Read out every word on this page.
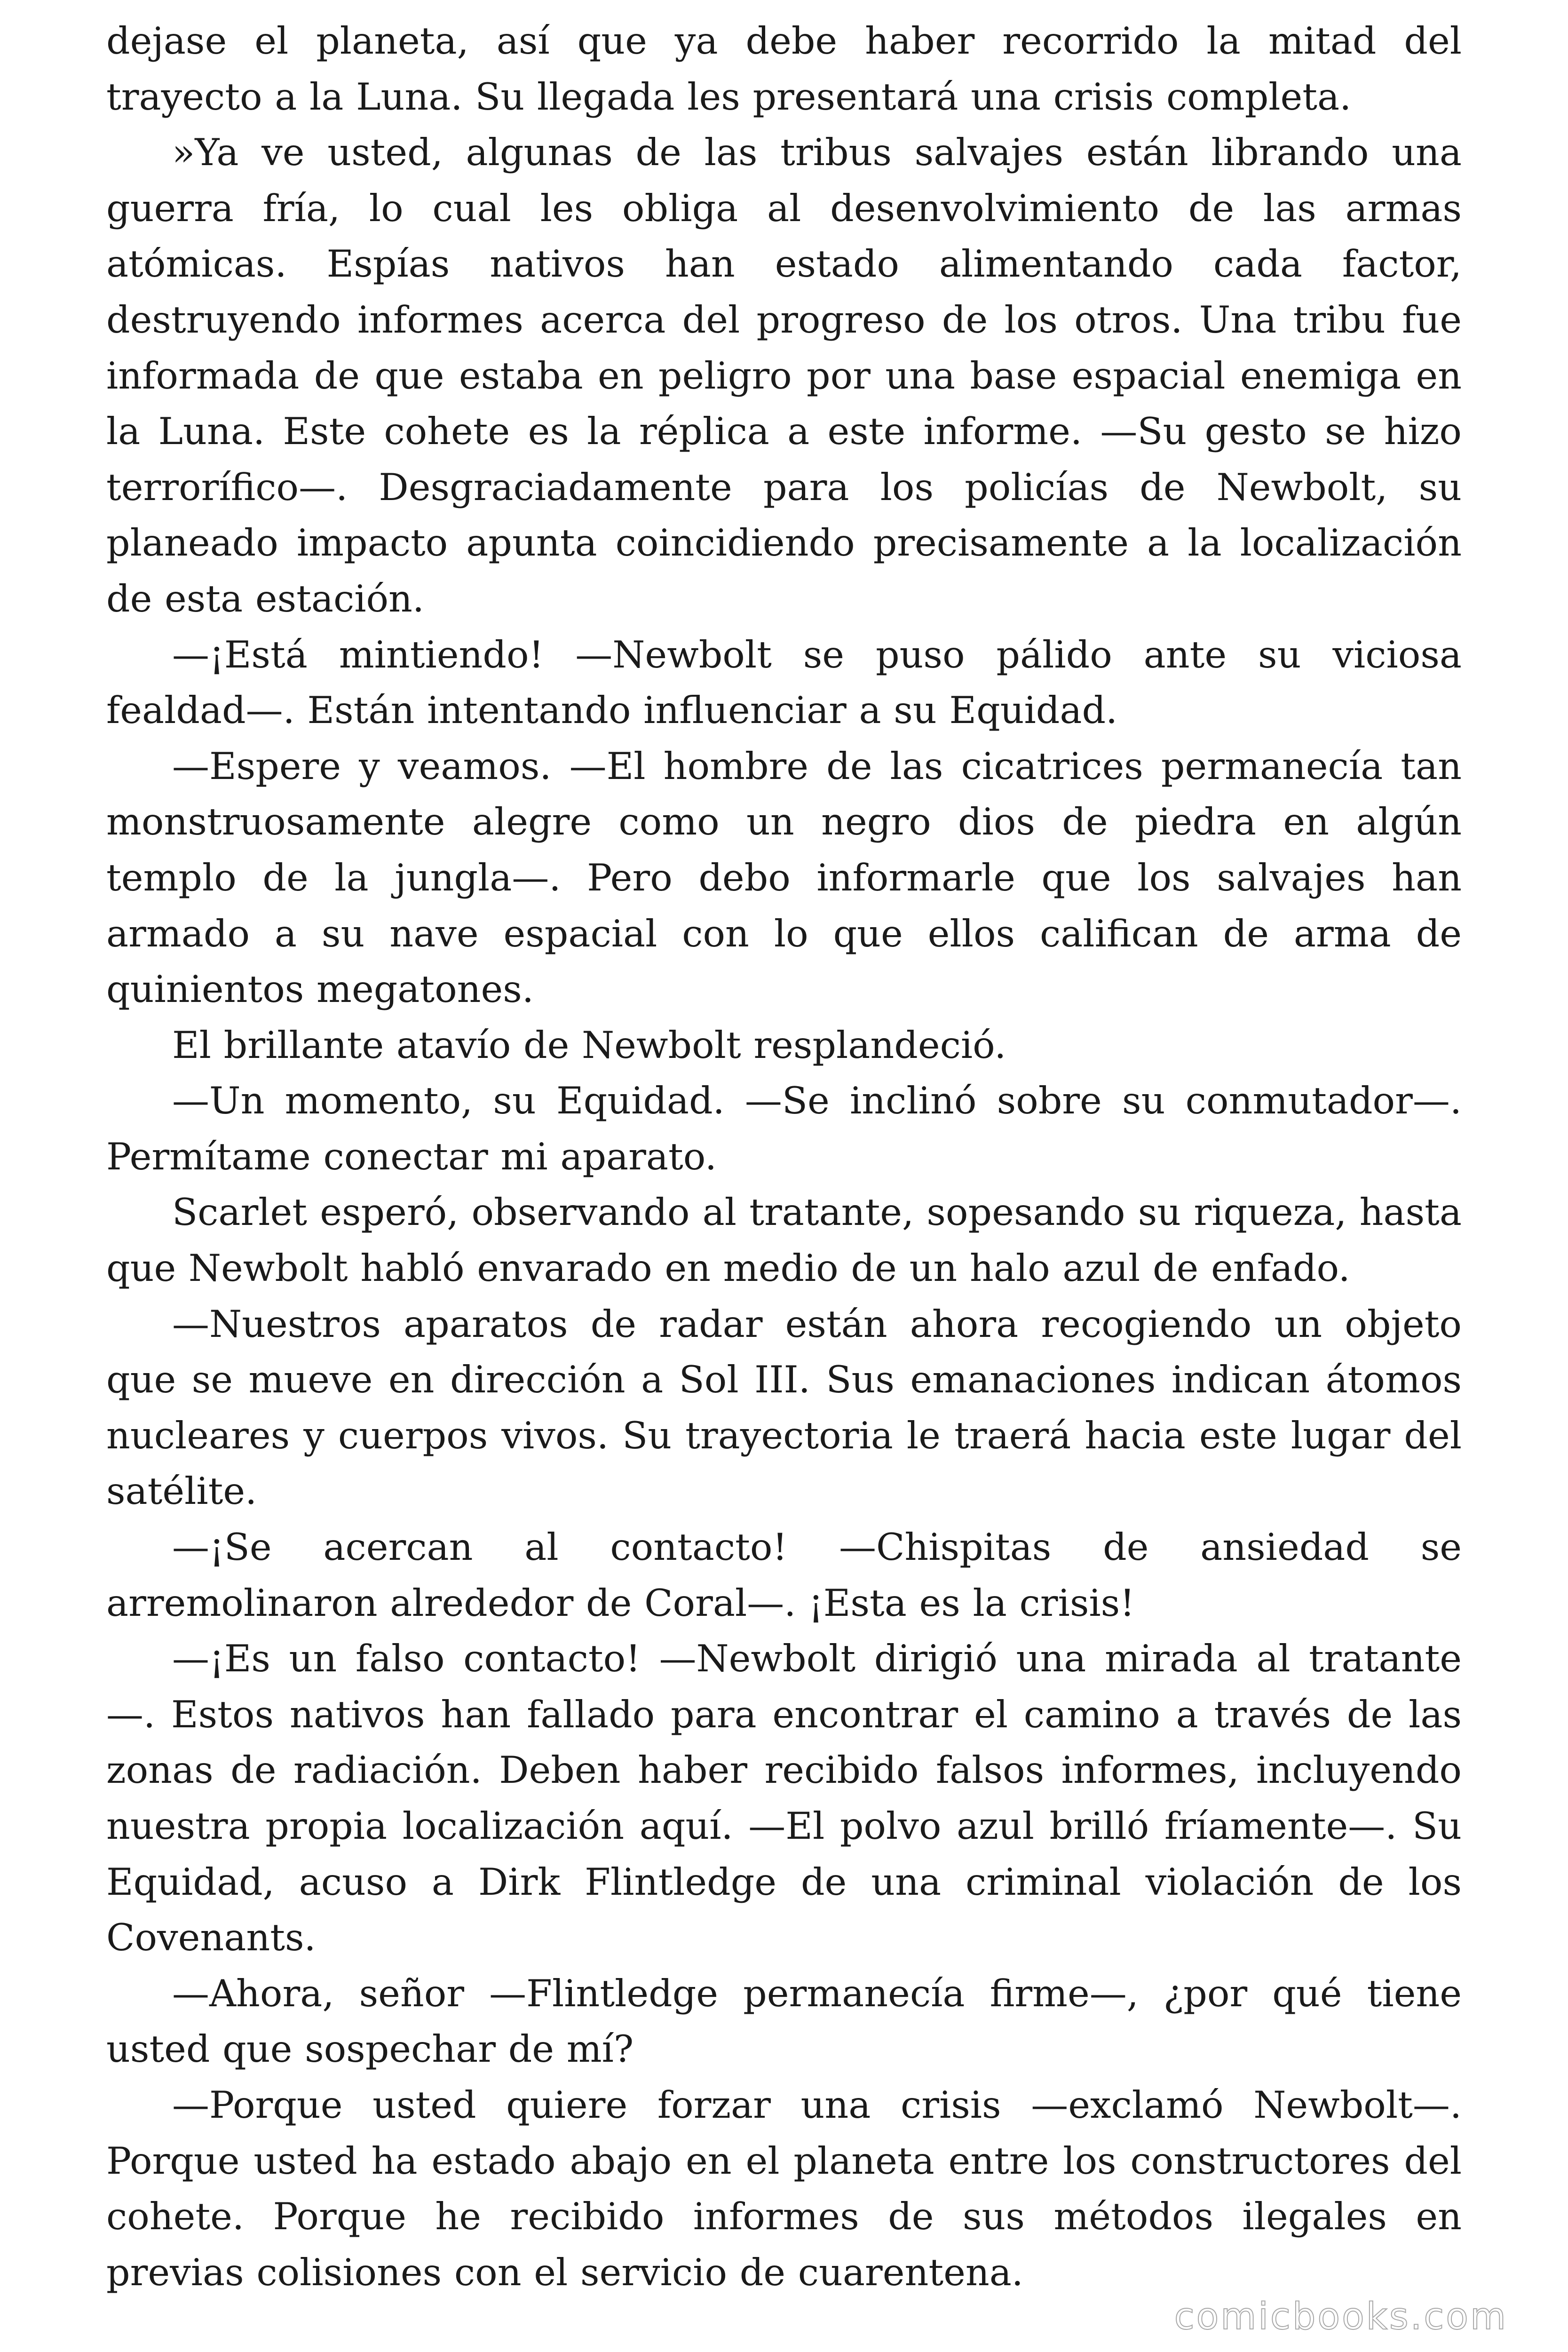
dejase el planeta, así que ya debe haber recorrido la mitad del trayecto a la Luna. Su llegada les presentará una crisis completa.

»Ya ve usted, algunas de las tribus salvajes están librando una guerra fría, lo cual les obliga al desenvolvimiento de las armas atómicas. Espías nativos han estado alimentando cada factor, destruyendo informes acerca del progreso de los otros. Una tribu fue informada de que estaba en peligro por una base espacial enemiga en la Luna. Este cohete es la réplica a este informe. —Su gesto se hizo terrorífico—. Desgraciadamente para los policías de Newbolt, su planeado impacto apunta coincidiendo precisamente a la localización de esta estación.

—¡Está mintiendo! —Newbolt se puso pálido ante su viciosa fealdad—. Están intentando influenciar a su Equidad.

—Espere y veamos. —El hombre de las cicatrices permanecía tan monstruosamente alegre como un negro dios de piedra en algún templo de la jungla—. Pero debo informarle que los salvajes han armado a su nave espacial con lo que ellos califican de arma de quinientos megatones.

El brillante atavío de Newbolt resplandeció.

—Un momento, su Equidad. —Se inclinó sobre su conmutador—. Permítame conectar mi aparato.

Scarlet esperó, observando al tratante, sopesando su riqueza, hasta que Newbolt habló envarado en medio de un halo azul de enfado.

—Nuestros aparatos de radar están ahora recogiendo un objeto que se mueve en dirección a Sol III. Sus emanaciones indican átomos nucleares y cuerpos vivos. Su trayectoria le traerá hacia este lugar del satélite.

—¡Se acercan al contacto! —Chispitas de ansiedad se arremolinaron alrededor de Coral—. ¡Esta es la crisis!

—¡Es un falso contacto! —Newbolt dirigió una mirada al tratante —. Estos nativos han fallado para encontrar el camino a través de las zonas de radiación. Deben haber recibido falsos informes, incluyendo nuestra propia localización aquí. —El polvo azul brilló fríamente—. Su Equidad, acuso a Dirk Flintledge de una criminal violación de los Covenants.

—Ahora, señor —Flintledge permanecía firme—, ¿por qué tiene usted que sospechar de mí?

—Porque usted quiere forzar una crisis —exclamó Newbolt—. Porque usted ha estado abajo en el planeta entre los constructores del cohete. Porque he recibido informes de sus métodos ilegales en previas colisiones con el servicio de cuarentena.

comicbooks.com
